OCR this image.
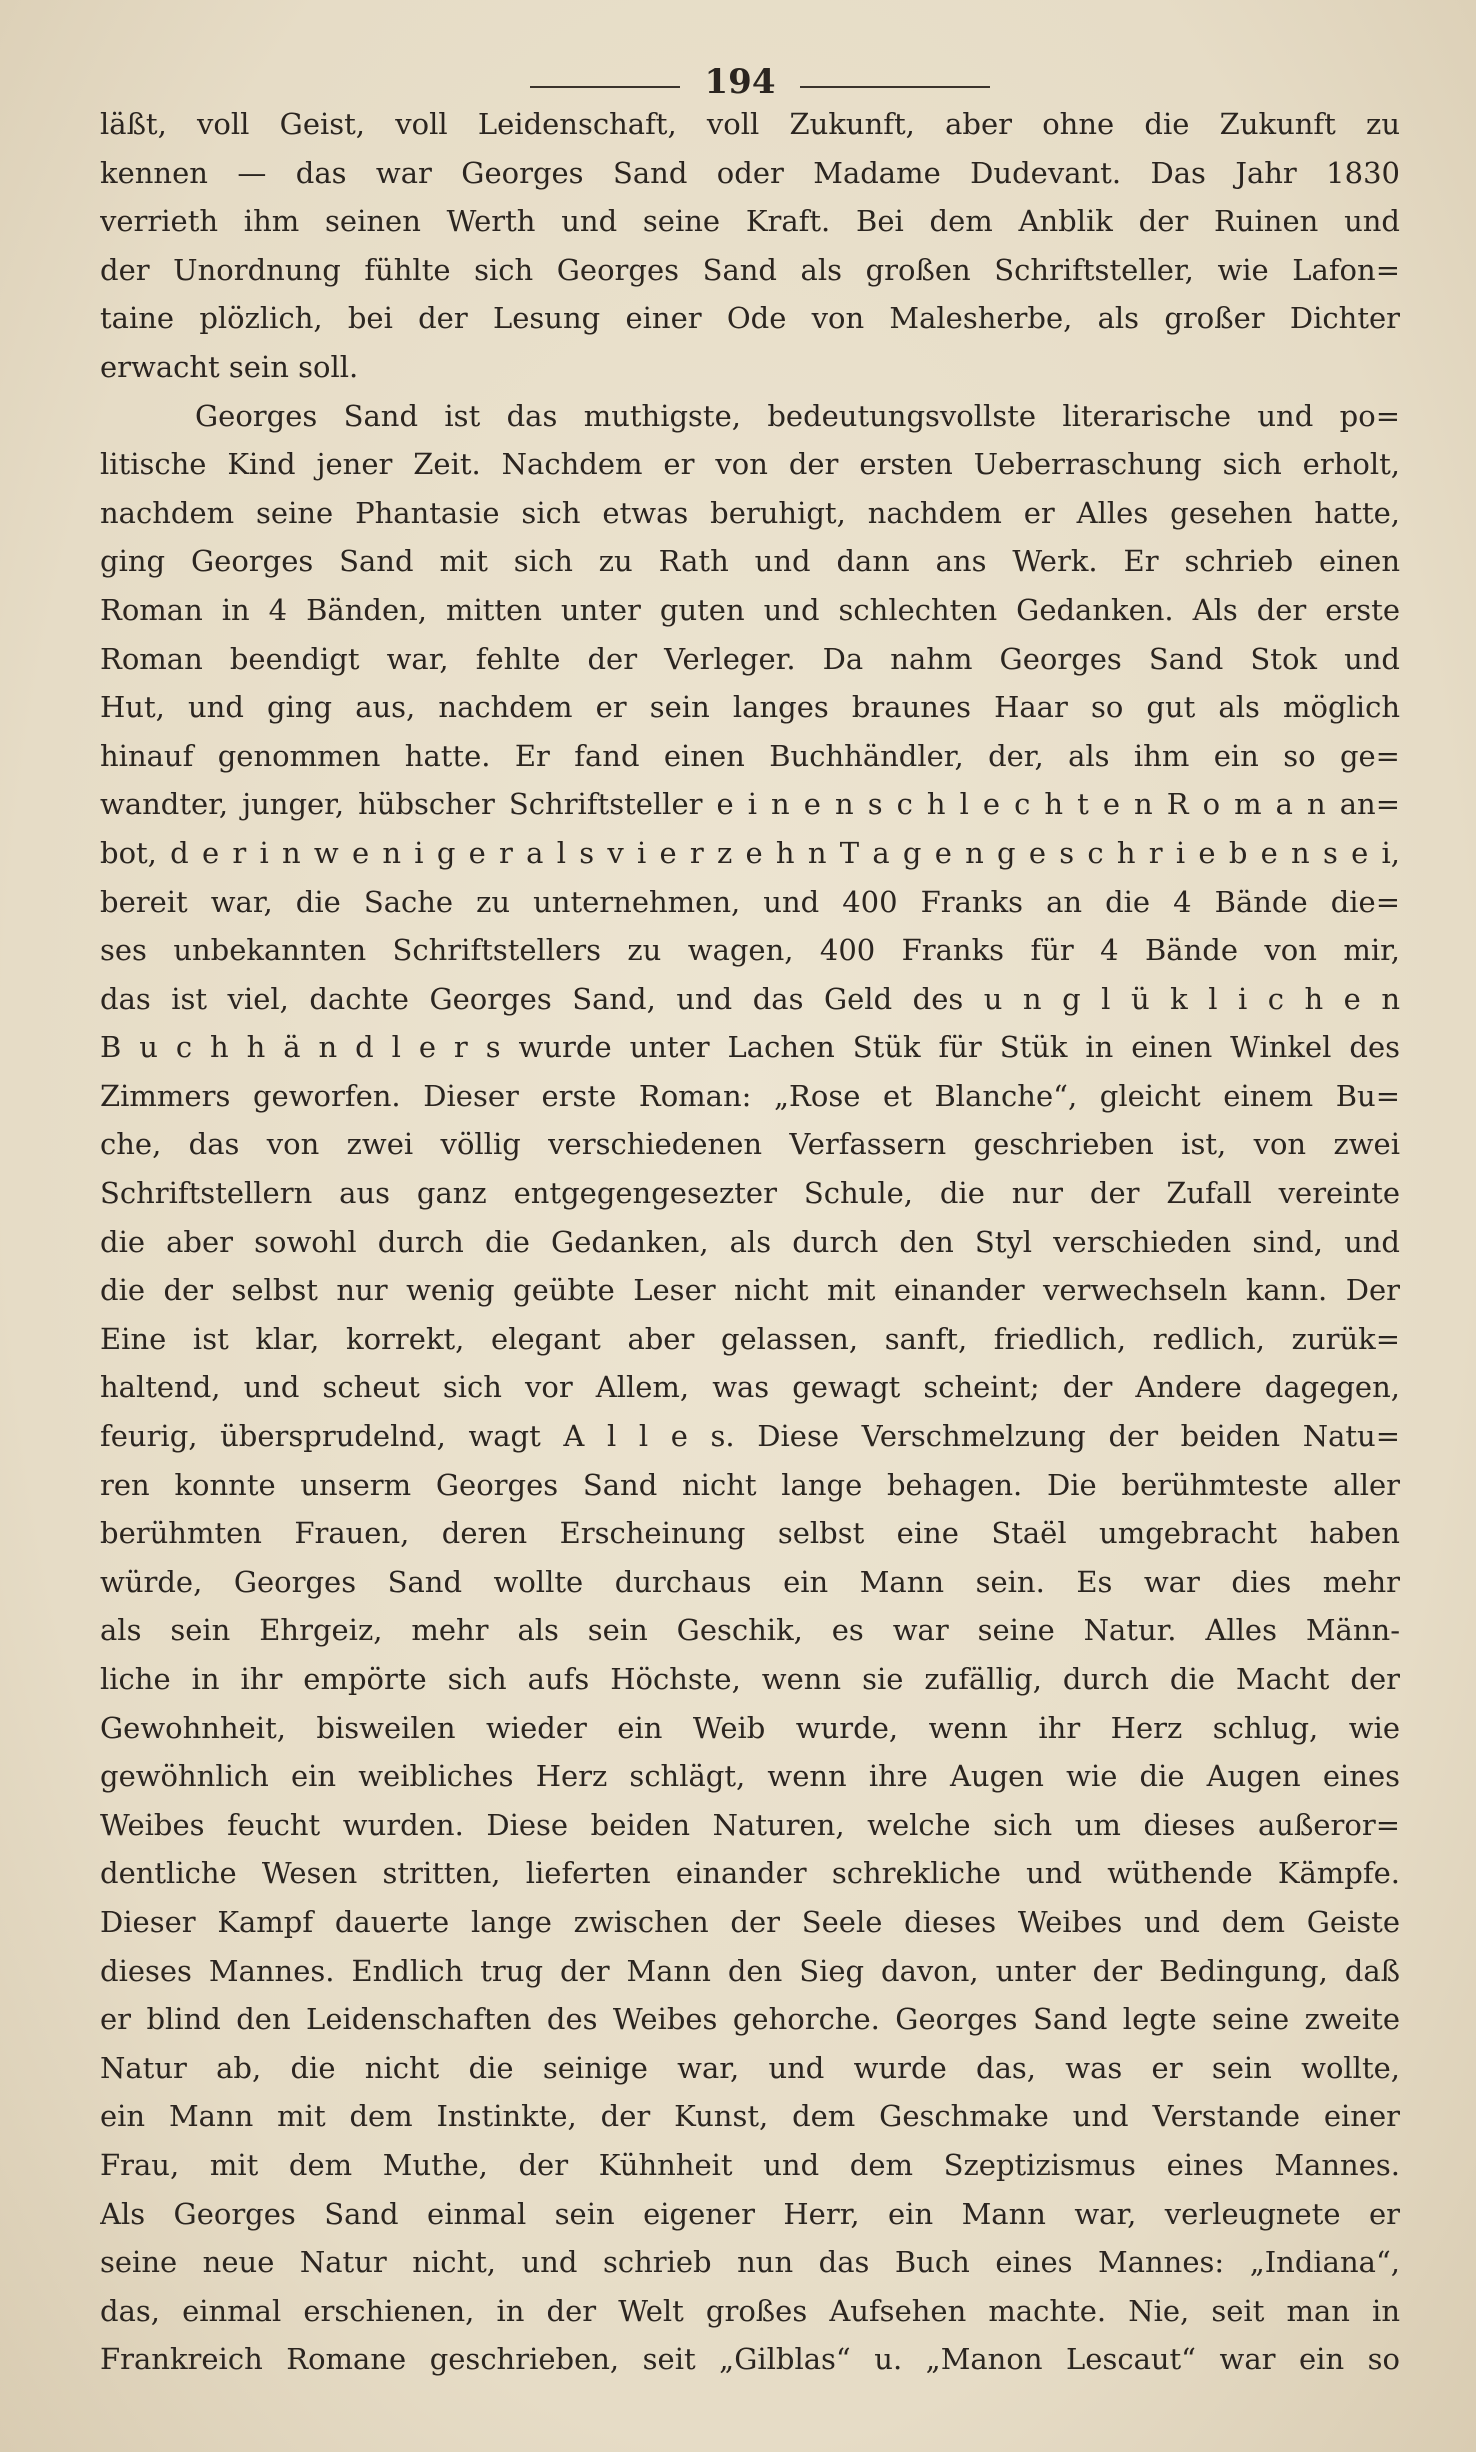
194
läßt, voll Geist, voll Leidenschaft, voll Zukunft, aber ohne die Zukunft zu
kennen — das war Georges Sand oder Madame Dudevant. Das Jahr 1830
verrieth ihm seinen Werth und seine Kraft. Bei dem Anblik der Ruinen und
der Unordnung fühlte sich Georges Sand als großen Schriftsteller, wie Lafon=
taine plözlich, bei der Lesung einer Ode von Malesherbe, als großer Dichter
erwacht sein soll.
Georges Sand ist das muthigste, bedeutungsvollste literarische und po=
litische Kind jener Zeit. Nachdem er von der ersten Ueberraschung sich erholt,
nachdem seine Phantasie sich etwas beruhigt, nachdem er Alles gesehen hatte,
ging Georges Sand mit sich zu Rath und dann ans Werk. Er schrieb einen
Roman in 4 Bänden, mitten unter guten und schlechten Gedanken. Als der erste
Roman beendigt war, fehlte der Verleger. Da nahm Georges Sand Stok und
Hut, und ging aus, nachdem er sein langes braunes Haar so gut als möglich
hinauf genommen hatte. Er fand einen Buchhändler, der, als ihm ein so ge=
wandter, junger, hübscher Schriftsteller e i n e n s c h l e c h t e n R o m a n an=
bot, d e r i n w e n i g e r a l s v i e r z e h n T a g e n g e s c h r i e b e n s e i,
bereit war, die Sache zu unternehmen, und 400 Franks an die 4 Bände die=
ses unbekannten Schriftstellers zu wagen, 400 Franks für 4 Bände von mir,
das ist viel, dachte Georges Sand, und das Geld des u n g l ü k l i c h e n
B u c h h ä n d l e r s wurde unter Lachen Stük für Stük in einen Winkel des
Zimmers geworfen. Dieser erste Roman: „Rose et Blanche“, gleicht einem Bu=
che, das von zwei völlig verschiedenen Verfassern geschrieben ist, von zwei
Schriftstellern aus ganz entgegengesezter Schule, die nur der Zufall vereinte
die aber sowohl durch die Gedanken, als durch den Styl verschieden sind, und
die der selbst nur wenig geübte Leser nicht mit einander verwechseln kann. Der
Eine ist klar, korrekt, elegant aber gelassen, sanft, friedlich, redlich, zurük=
haltend, und scheut sich vor Allem, was gewagt scheint; der Andere dagegen,
feurig, übersprudelnd, wagt A l l e s. Diese Verschmelzung der beiden Natu=
ren konnte unserm Georges Sand nicht lange behagen. Die berühmteste aller
berühmten Frauen, deren Erscheinung selbst eine Staël umgebracht haben
würde, Georges Sand wollte durchaus ein Mann sein. Es war dies mehr
als sein Ehrgeiz, mehr als sein Geschik, es war seine Natur. Alles Männ-
liche in ihr empörte sich aufs Höchste, wenn sie zufällig, durch die Macht der
Gewohnheit, bisweilen wieder ein Weib wurde, wenn ihr Herz schlug, wie
gewöhnlich ein weibliches Herz schlägt, wenn ihre Augen wie die Augen eines
Weibes feucht wurden. Diese beiden Naturen, welche sich um dieses außeror=
dentliche Wesen stritten, lieferten einander schrekliche und wüthende Kämpfe.
Dieser Kampf dauerte lange zwischen der Seele dieses Weibes und dem Geiste
dieses Mannes. Endlich trug der Mann den Sieg davon, unter der Bedingung, daß
er blind den Leidenschaften des Weibes gehorche. Georges Sand legte seine zweite
Natur ab, die nicht die seinige war, und wurde das, was er sein wollte,
ein Mann mit dem Instinkte, der Kunst, dem Geschmake und Verstande einer
Frau, mit dem Muthe, der Kühnheit und dem Szeptizismus eines Mannes.
Als Georges Sand einmal sein eigener Herr, ein Mann war, verleugnete er
seine neue Natur nicht, und schrieb nun das Buch eines Mannes: „Indiana“,
das, einmal erschienen, in der Welt großes Aufsehen machte. Nie, seit man in
Frankreich Romane geschrieben, seit „Gilblas“ u. „Manon Lescaut“ war ein so
